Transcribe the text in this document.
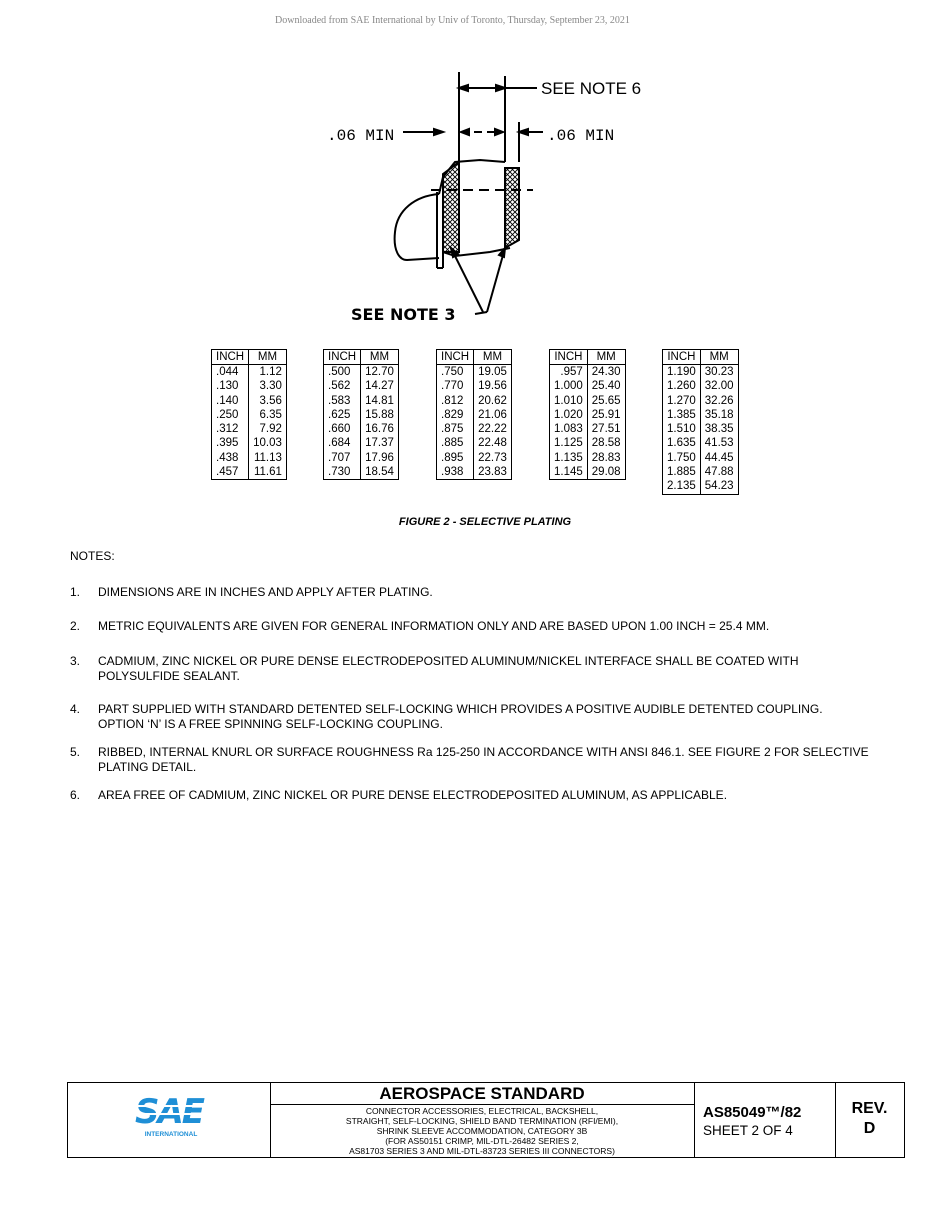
Downloaded from SAE International by Univ of Toronto, Thursday, September 23, 2021
SEE NOTE 6
.06 MIN	.06 MIN
SEE NOTE 3
INCH	MM
.044	1.12
.130	3.30
.140	3.56
.250	6.35
.312	7.92
.395	10.03
.438	11.13
.457	11.61
INCH	MM
.500	12.70
.562	14.27
.583	14.81
.625	15.88
.660	16.76
.684	17.37
.707	17.96
.730	18.54
INCH	MM
.750	19.05
.770	19.56
.812	20.62
.829	21.06
.875	22.22
.885	22.48
.895	22.73
.938	23.83
INCH	MM
.957	24.30
1.000	25.40
1.010	25.65
1.020	25.91
1.083	27.51
1.125	28.58
1.135	28.83
1.145	29.08
INCH	MM
1.190	30.23
1.260	32.00
1.270	32.26
1.385	35.18
1.510	38.35
1.635	41.53
1.750	44.45
1.885	47.88
2.135	54.23
FIGURE 2 - SELECTIVE PLATING
NOTES:
1. DIMENSIONS ARE IN INCHES AND APPLY AFTER PLATING.
2. METRIC EQUIVALENTS ARE GIVEN FOR GENERAL INFORMATION ONLY AND ARE BASED UPON 1.00 INCH = 25.4 MM.
3. CADMIUM, ZINC NICKEL OR PURE DENSE ELECTRODEPOSITED ALUMINUM/NICKEL INTERFACE SHALL BE COATED WITH POLYSULFIDE SEALANT.
4. PART SUPPLIED WITH STANDARD DETENTED SELF-LOCKING WHICH PROVIDES A POSITIVE AUDIBLE DETENTED COUPLING. OPTION ‘N’ IS A FREE SPINNING SELF-LOCKING COUPLING.
5. RIBBED, INTERNAL KNURL OR SURFACE ROUGHNESS Ra 125-250 IN ACCORDANCE WITH ANSI 846.1. SEE FIGURE 2 FOR SELECTIVE PLATING DETAIL.
6. AREA FREE OF CADMIUM, ZINC NICKEL OR PURE DENSE ELECTRODEPOSITED ALUMINUM, AS APPLICABLE.
SAE
INTERNATIONAL
AEROSPACE STANDARD
CONNECTOR ACCESSORIES, ELECTRICAL, BACKSHELL,
STRAIGHT, SELF-LOCKING, SHIELD BAND TERMINATION (RFI/EMI),
SHRINK SLEEVE ACCOMMODATION, CATEGORY 3B
(FOR AS50151 CRIMP, MIL-DTL-26482 SERIES 2,
AS81703 SERIES 3 AND MIL-DTL-83723 SERIES III CONNECTORS)
AS85049™/82
SHEET 2 OF 4
REV.
D
